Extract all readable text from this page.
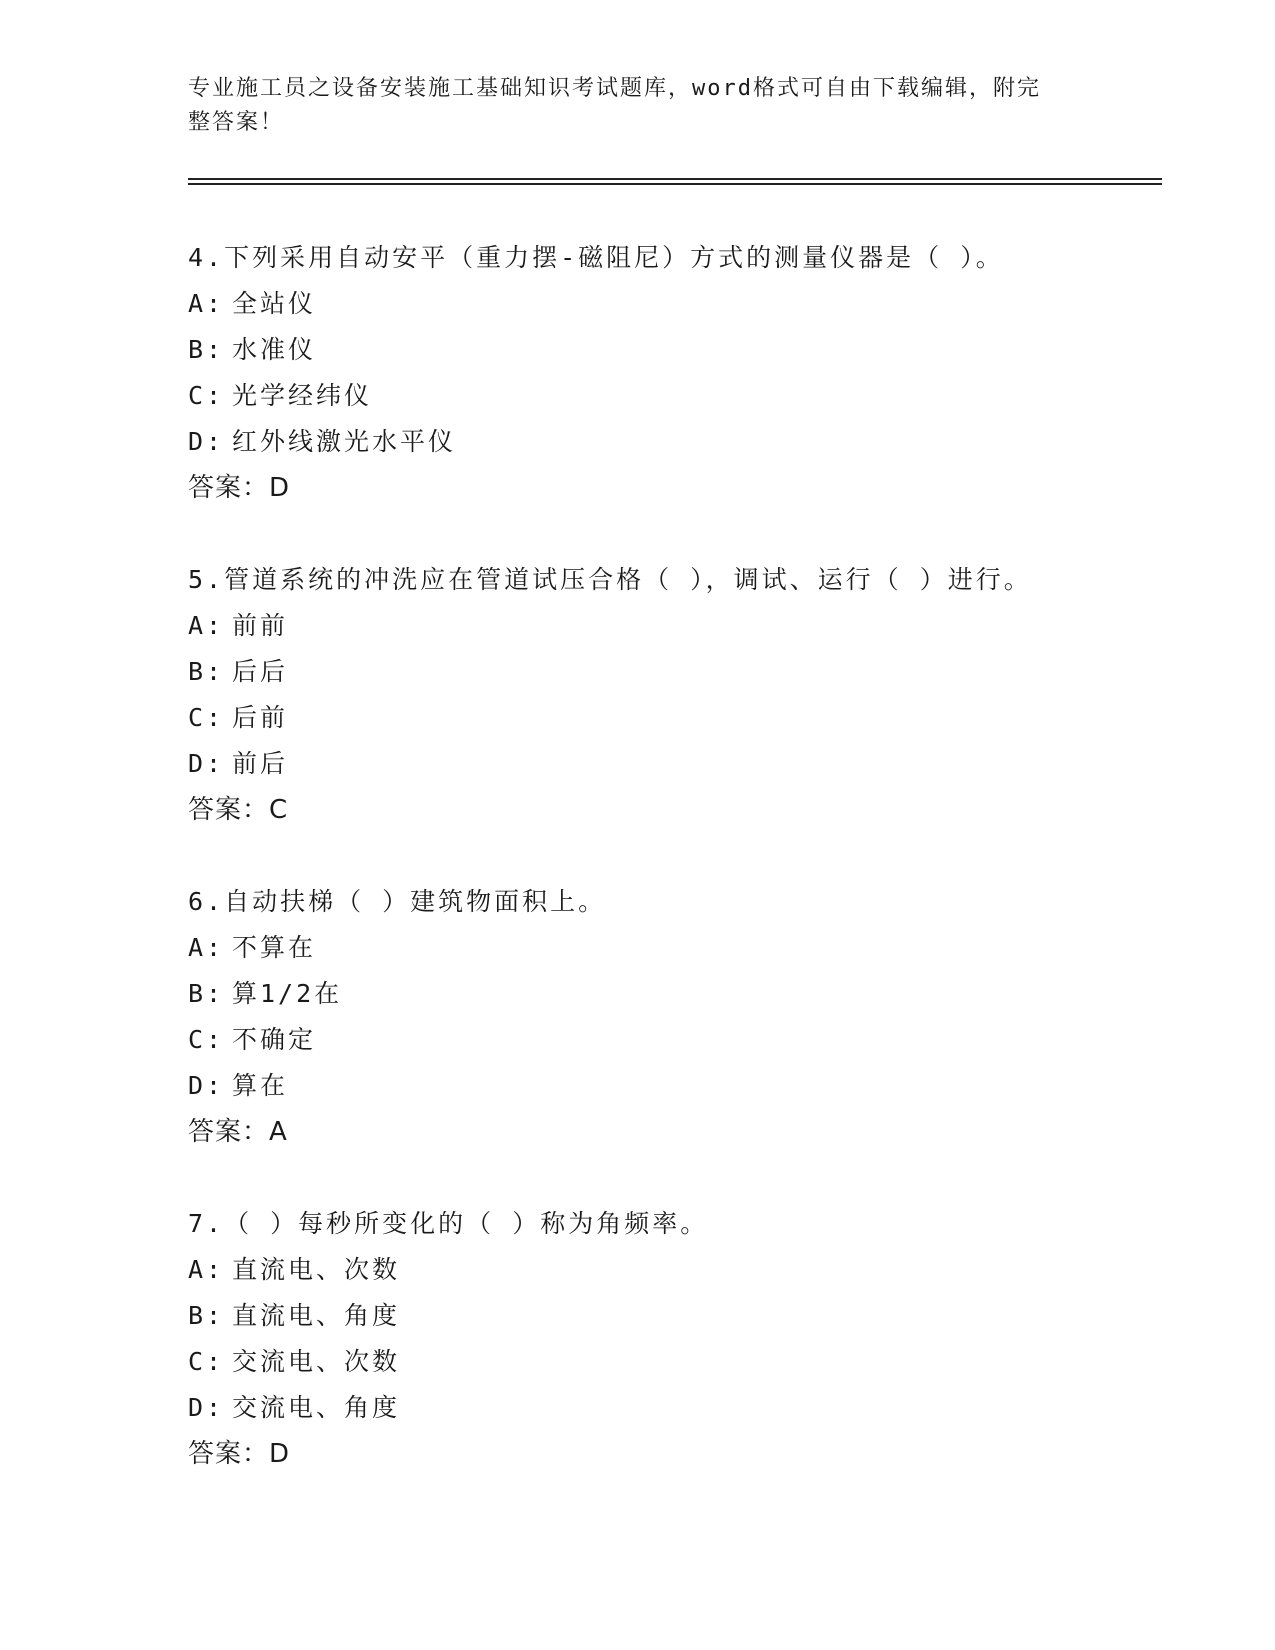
专业施工员之设备安装施工基础知识考试题库，word格式可自由下载编辑，附完
整答案！
4.下列采用自动安平（重力摆-磁阻尼）方式的测量仪器是（ ）。
A: 全站仪
B: 水准仪
C: 光学经纬仪
D: 红外线激光水平仪
答案：D
5.管道系统的冲洗应在管道试压合格（ ），调试、运行（ ）进行。
A: 前前
B: 后后
C: 后前
D: 前后
答案：C
6.自动扶梯（ ）建筑物面积上。
A: 不算在
B: 算1/2在
C: 不确定
D: 算在
答案：A
7.（ ）每秒所变化的（ ）称为角频率。
A: 直流电、次数
B: 直流电、角度
C: 交流电、次数
D: 交流电、角度
答案：D
